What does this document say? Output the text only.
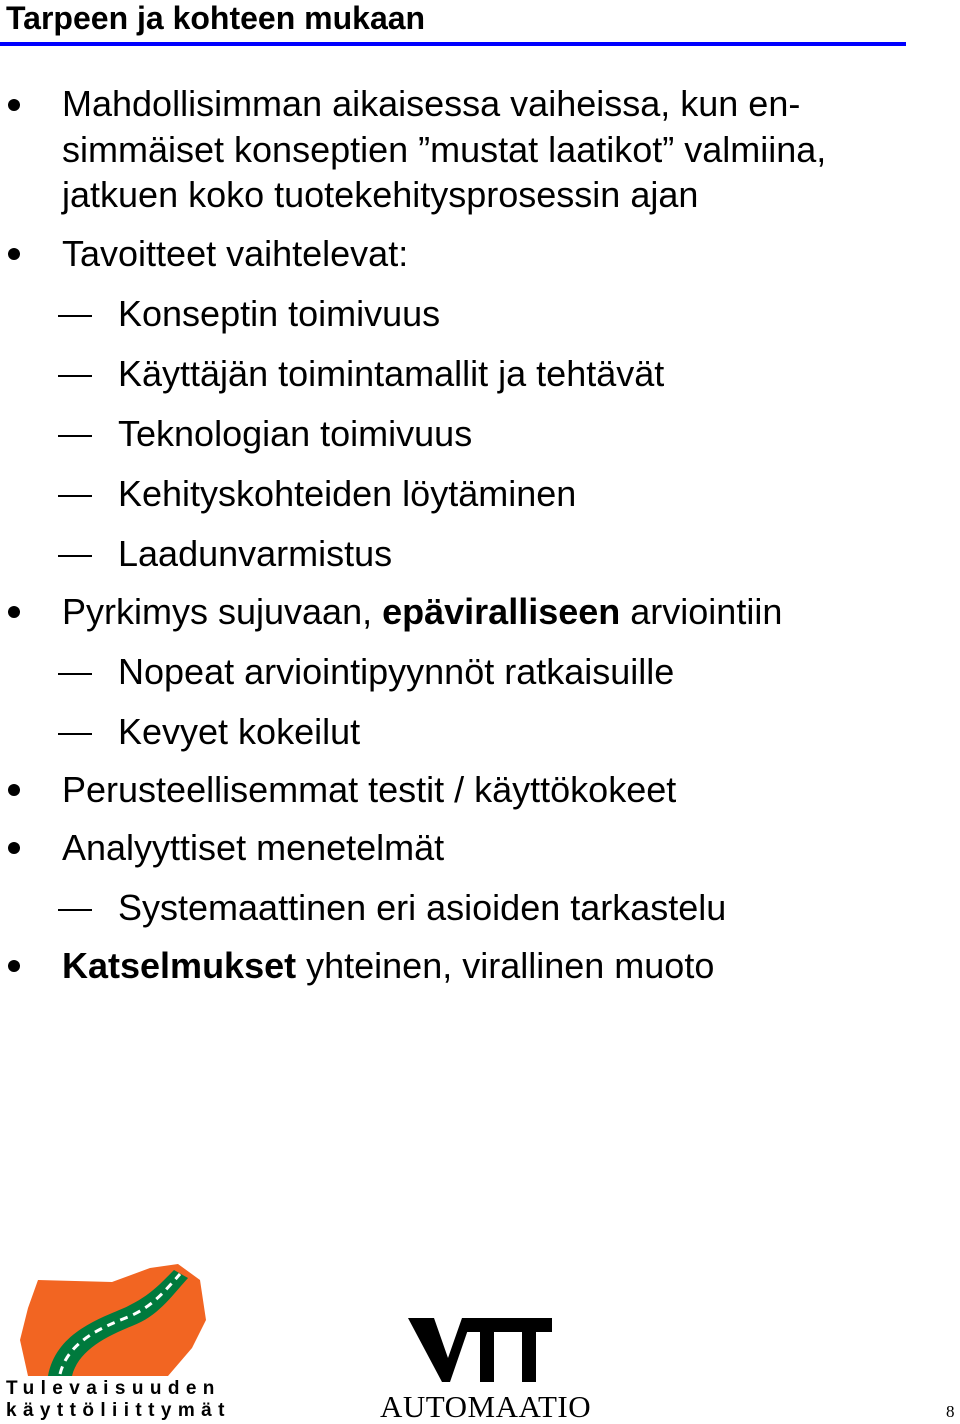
Tarpeen ja kohteen mukaan
Mahdollisimman aikaisessa vaiheissa, kun en-
simmäiset konseptien ”mustat laatikot” valmiina,
jatkuen koko tuotekehitysprosessin ajan
Tavoitteet vaihtelevat:
Konseptin toimivuus
Käyttäjän toimintamallit ja tehtävät
Teknologian toimivuus
Kehityskohteiden löytäminen
Laadunvarmistus
Pyrkimys sujuvaan, epäviralliseen arviointiin
Nopeat arviointipyynnöt ratkaisuille
Kevyet kokeilut
Perusteellisemmat testit / käyttökokeet
Analyyttiset menetelmät
Systemaattinen eri asioiden tarkastelu
Katselmukset yhteinen, virallinen muoto
Tulevaisuuden
käyttöliittymät	AUTOMAATIO	8
